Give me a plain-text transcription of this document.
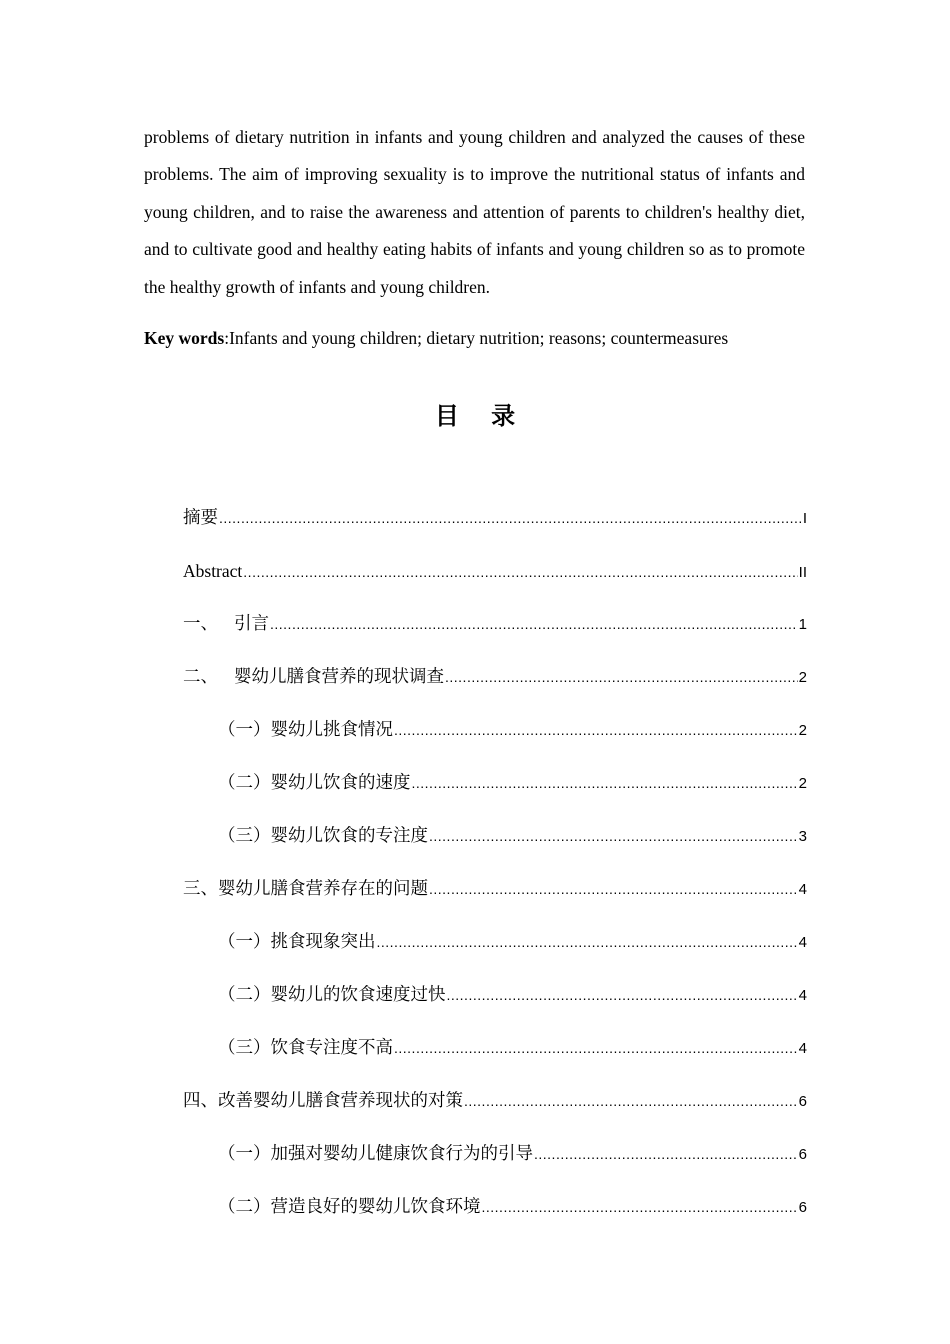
problems of dietary nutrition in infants and young children and analyzed the causes of these problems. The aim of improving sexuality is to improve the nutritional status of infants and young children, and to raise the awareness and attention of parents to children's healthy diet, and to cultivate good and healthy eating habits of infants and young children so as to promote the healthy growth of infants and young children.

Key words:Infants and young children; dietary nutrition; reasons; countermeasures

目 录
摘要 .....	I
Abstract .....	II
一、 引言 .....	1
二、 婴幼儿膳食营养的现状调查 .....	2
（一）婴幼儿挑食情况 .....	2
（二）婴幼儿饮食的速度 .....	2
（三）婴幼儿饮食的专注度 .....	3
三、婴幼儿膳食营养存在的问题 .....	4
（一）挑食现象突出 .....	4
（二）婴幼儿的饮食速度过快 .....	4
（三）饮食专注度不高 .....	4
四、改善婴幼儿膳食营养现状的对策 .....	6
（一）加强对婴幼儿健康饮食行为的引导 .....	6
（二）营造良好的婴幼儿饮食环境 .....	6
